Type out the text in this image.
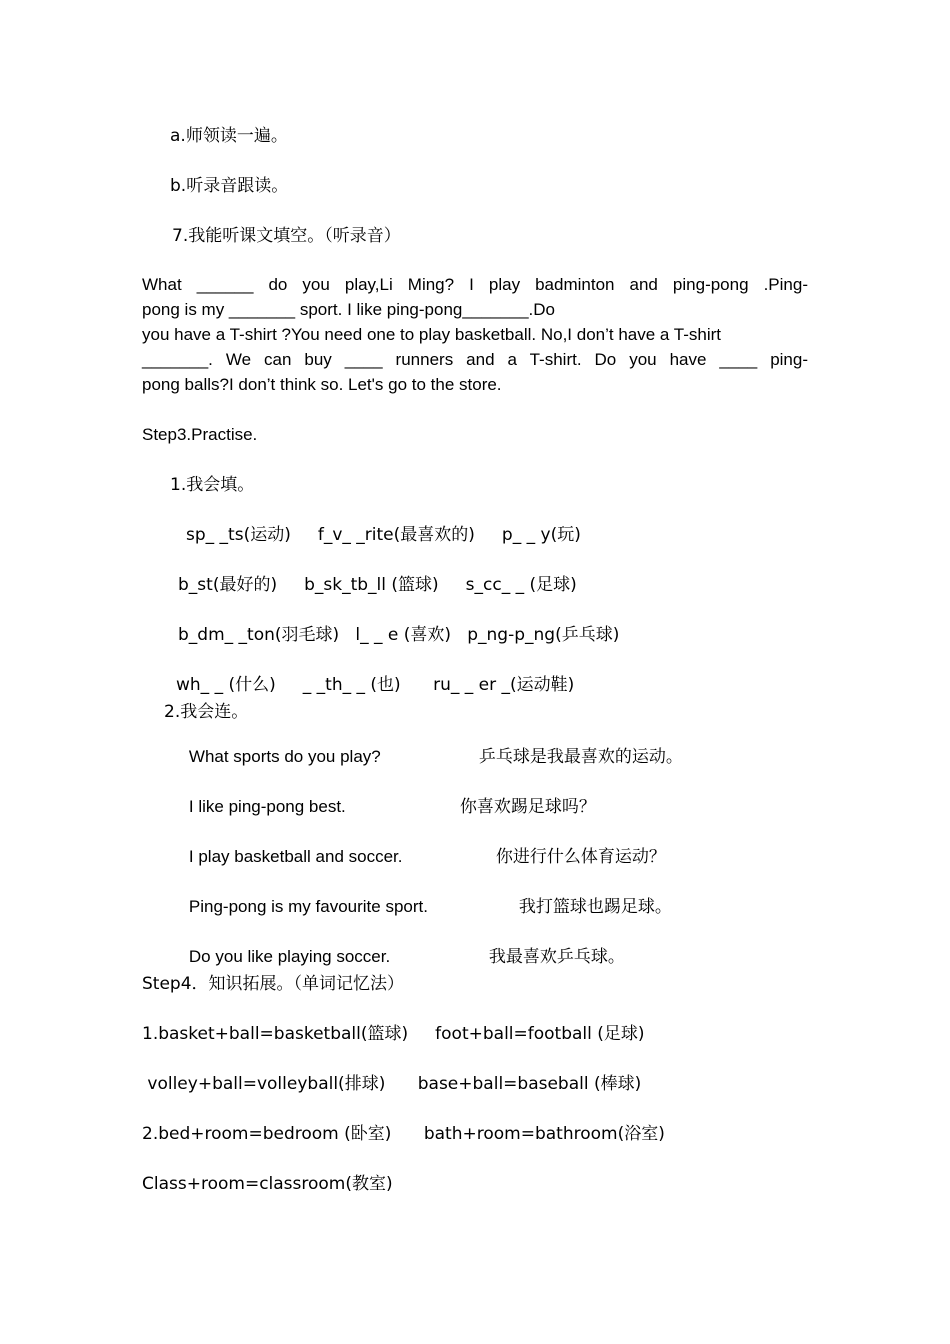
a.师领读一遍。
b.听录音跟读。
7.我能听课文填空。（听录音）
What ______ do you play,Li Ming? I play badminton and ping-pong .Ping-
pong is my _______ sport. I like ping-pong_______.Do
you have a T-shirt ?You need one to play basketball. No,I don’t have a T-shirt
_______. We can buy ____ runners and a T-shirt. Do you have ____ ping-
pong balls?I don’t think so. Let's go to the store.
Step3.Practise.
1.我会填。
sp_ _ts(运动)     f_v_ _rite(最喜欢的)     p_ _ y(玩)
b_st(最好的)     b_sk_tb_ll (篮球)     s_cc_ _ (足球)
b_dm_ _ton(羽毛球)   l_ _ e (喜欢)   p_ng-p_ng(乒乓球)
wh_ _ (什么)     _ _th_ _ (也)      ru_ _ er _(运动鞋)
2.我会连。

What sports do you play?	乒乓球是我最喜欢的运动。

I like ping-pong best.	你喜欢踢足球吗？

I play basketball and soccer.	你进行什么体育运动？

Ping-pong is my favourite sport.	我打篮球也踢足球。

Do you like playing soccer.	我最喜欢乒乓球。

Step4．知识拓展。（单词记忆法）
1.basket+ball=basketball(篮球)     foot+ball=football (足球)
volley+ball=volleyball(排球)      base+ball=baseball (棒球)
2.bed+room=bedroom (卧室)      bath+room=bathroom(浴室)
Class+room=classroom(教室)
